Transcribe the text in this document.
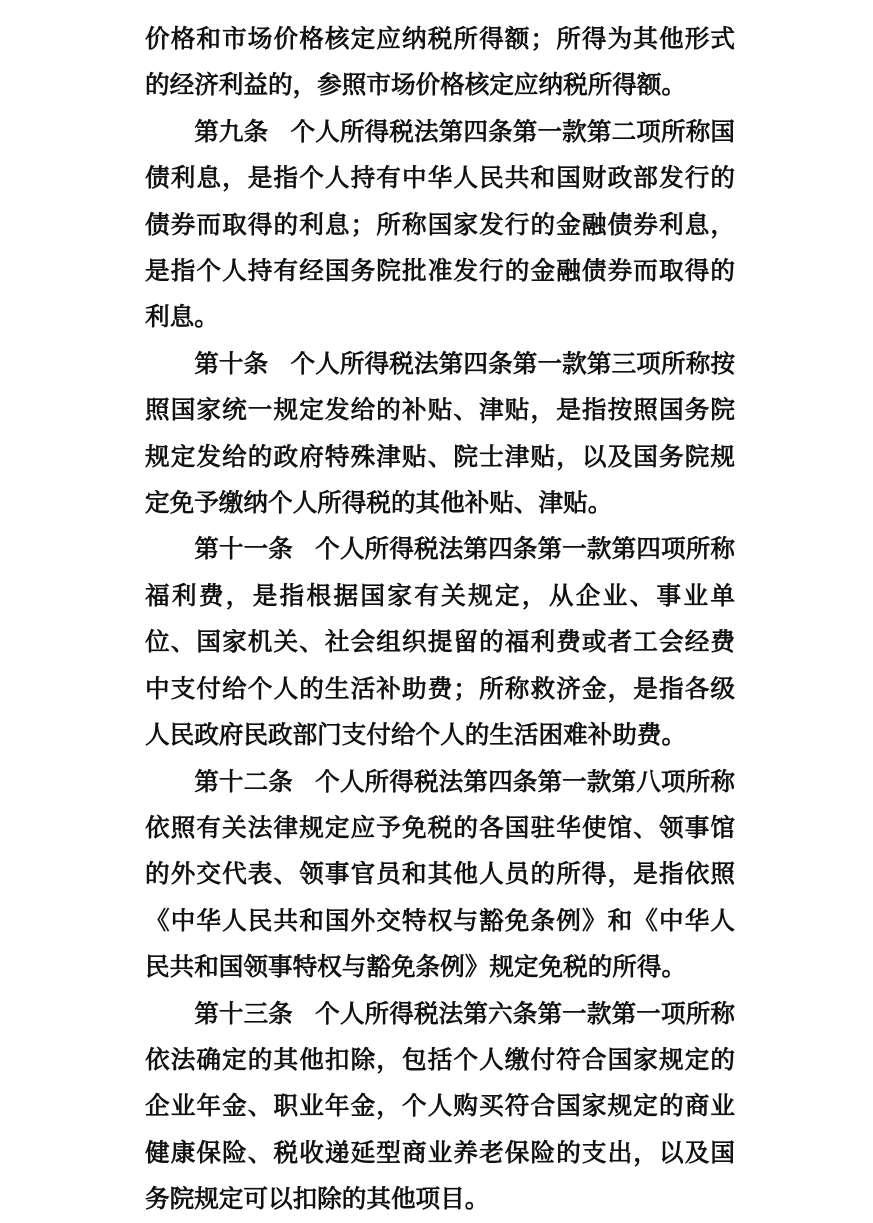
价格和市场价格核定应纳税所得额；所得为其他形式的经济利益的，参照市场价格核定应纳税所得额。

第九条 个人所得税法第四条第一款第二项所称国债利息，是指个人持有中华人民共和国财政部发行的债券而取得的利息；所称国家发行的金融债券利息，是指个人持有经国务院批准发行的金融债券而取得的利息。

第十条 个人所得税法第四条第一款第三项所称按照国家统一规定发给的补贴、津贴，是指按照国务院规定发给的政府特殊津贴、院士津贴，以及国务院规定免予缴纳个人所得税的其他补贴、津贴。

第十一条 个人所得税法第四条第一款第四项所称福利费，是指根据国家有关规定，从企业、事业单位、国家机关、社会组织提留的福利费或者工会经费中支付给个人的生活补助费；所称救济金，是指各级人民政府民政部门支付给个人的生活困难补助费。

第十二条 个人所得税法第四条第一款第八项所称依照有关法律规定应予免税的各国驻华使馆、领事馆的外交代表、领事官员和其他人员的所得，是指依照《中华人民共和国外交特权与豁免条例》和《中华人民共和国领事特权与豁免条例》规定免税的所得。

第十三条 个人所得税法第六条第一款第一项所称依法确定的其他扣除，包括个人缴付符合国家规定的企业年金、职业年金，个人购买符合国家规定的商业健康保险、税收递延型商业养老保险的支出，以及国务院规定可以扣除的其他项目。
